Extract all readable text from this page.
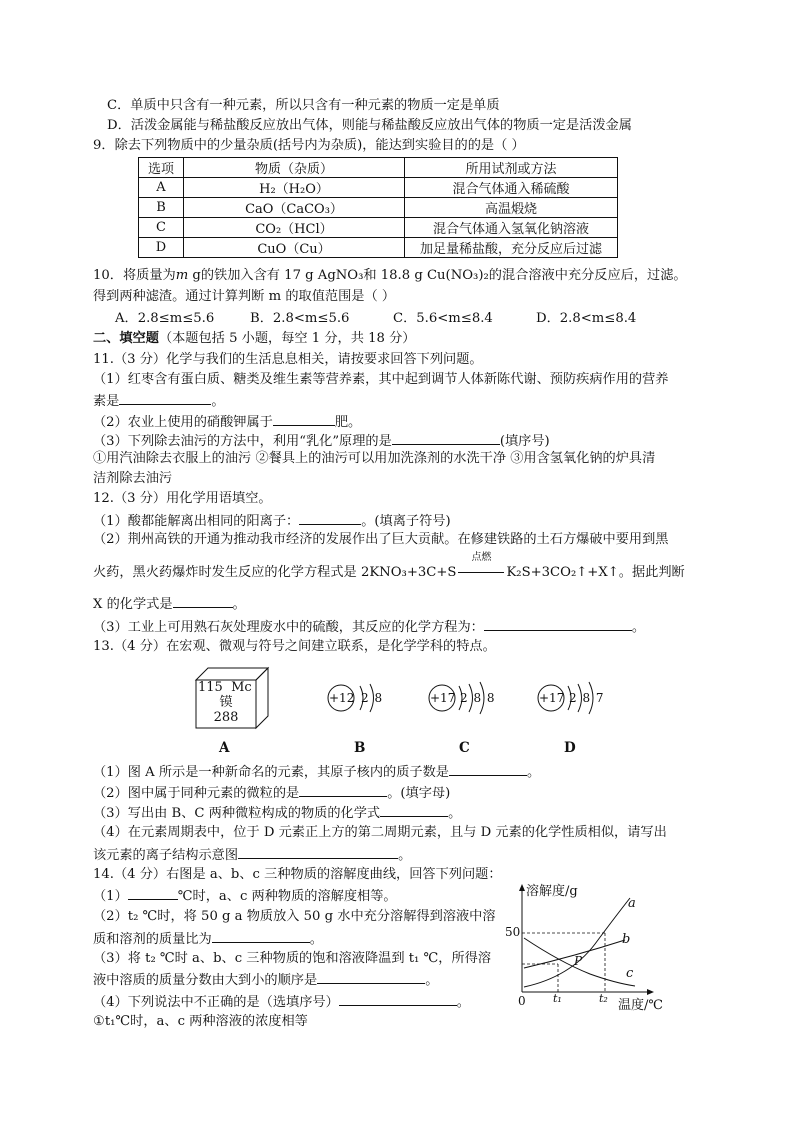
C．单质中只含有一种元素，所以只含有一种元素的物质一定是单质
D．活泼金属能与稀盐酸反应放出气体，则能与稀盐酸反应放出气体的物质一定是活泼金属
9．除去下列物质中的少量杂质(括号内为杂质)，能达到实验目的的是（ ）
选项	物质（杂质）	所用试剂或方法
A	H₂（H₂O）	混合气体通入稀硫酸
B	CaO（CaCO₃）	高温煅烧
C	CO₂（HCl）	混合气体通入氢氧化钠溶液
D	CuO（Cu）	加足量稀盐酸，充分反应后过滤
10．将质量为m g的铁加入含有 17 g AgNO₃和 18.8 g Cu(NO₃)₂的混合溶液中充分反应后，过滤。
得到两种滤渣。通过计算判断 m 的取值范围是（ ）
A．2.8≤m≤5.6	B．2.8<m≤5.6	C．5.6<m≤8.4	D．2.8<m≤8.4
二、填空题（本题包括 5 小题，每空 1 分，共 18 分）
11.（3 分）化学与我们的生活息息相关，请按要求回答下列问题。
（1）红枣含有蛋白质、糖类及维生素等营养素，其中起到调节人体新陈代谢、预防疾病作用的营养
素是	。
（2）农业上使用的硝酸钾属于	肥。
（3）下列除去油污的方法中，利用“乳化”原理的是	(填序号)
①用汽油除去衣服上的油污 ②餐具上的油污可以用加洗涤剂的水洗干净 ③用含氢氧化钠的炉具清
洁剂除去油污
12.（3 分）用化学用语填空。
（1）酸都能解离出相同的阳离子：	。(填离子符号)
（2）荆州高铁的开通为推动我市经济的发展作出了巨大贡献。在修建铁路的土石方爆破中要用到黑
火药，黑火药爆炸时发生反应的化学方程式是 2KNO₃+3C+S
点燃
K₂S+3CO₂↑+X↑。据此判断
X 的化学式是	。
（3）工业上可用熟石灰处理废水中的硫酸，其反应的化学方程为：	。
13.（4 分）在宏观、微观与符号之间建立联系，是化学学科的特点。
115 Mc
镆
288
+12 2 8	+17 2 8 8	+17 2 8 7
A	B	C	D
（1）图 A 所示是一种新命名的元素，其原子核内的质子数是	。
（2）图中属于同种元素的微粒的是	。(填字母)
（3）写出由 B、C 两种微粒构成的物质的化学式	。
（4）在元素周期表中，位于 D 元素正上方的第二周期元素，且与 D 元素的化学性质相似，请写出
该元素的离子结构示意图	。
14.（4 分）右图是 a、b、c 三种物质的溶解度曲线，回答下列问题：
（1）	℃时，a、c 两种物质的溶解度相等。
（2）t₂ ℃时，将 50 g a 物质放入 50 g 水中充分溶解得到溶液中溶
质和溶剂的质量比为	。
（3）将 t₂ ℃时 a、b、c 三种物质的饱和溶液降温到 t₁ ℃，所得溶
液中溶质的质量分数由大到小的顺序是	。
（4）下列说法中不正确的是（选填序号）	。
①t₁℃时，a、c 两种溶液的浓度相等
溶解度/g
50
0 t₁	t₂ 温度/℃
P
a
b
c
